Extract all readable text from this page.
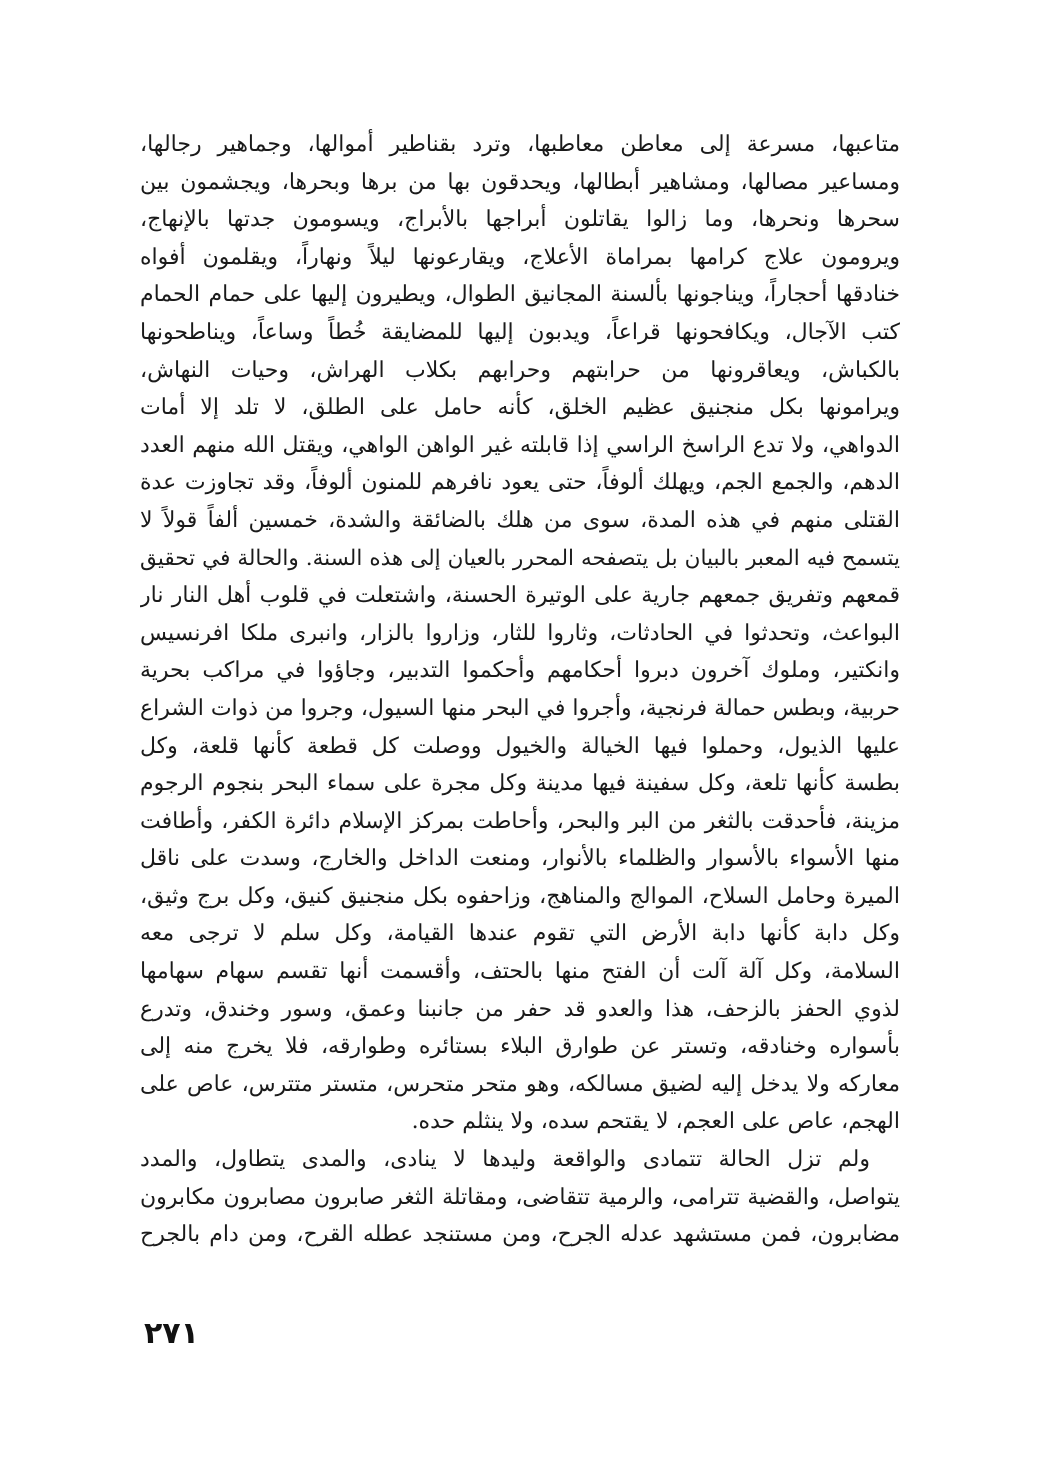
متاعبها، مسرعة إلى معاطن معاطبها، وترد بقناطير أموالها، وجماهير رجالها،
ومساعير مصالها، ومشاهير أبطالها، ويحدقون بها من برها وبحرها، ويجشمون بين
سحرها ونحرها، وما زالوا يقاتلون أبراجها بالأبراج، ويسومون جدتها بالإنهاج،
ويرومون علاج كرامها بمراماة الأعلاج، ويقارعونها ليلاً ونهاراً، ويقلمون أفواه
خنادقها أحجاراً، ويناجونها بألسنة المجانيق الطوال، ويطيرون إليها على حمام الحمام
كتب الآجال، ويكافحونها قراعاً، ويدبون إليها للمضايقة خُطاً وساعاً، ويناطحونها
بالكباش، ويعاقرونها من حرابتهم وحرابهم بكلاب الهراش، وحيات النهاش،
ويرامونها بكل منجنيق عظيم الخلق، كأنه حامل على الطلق، لا تلد إلا أمات
الدواهي، ولا تدع الراسخ الراسي إذا قابلته غير الواهن الواهي، ويقتل الله منهم العدد
الدهم، والجمع الجم، ويهلك ألوفاً، حتى يعود نافرهم للمنون ألوفاً، وقد تجاوزت عدة
القتلى منهم في هذه المدة، سوى من هلك بالضائقة والشدة، خمسين ألفاً قولاً لا
يتسمح فيه المعبر بالبيان بل يتصفحه المحرر بالعيان إلى هذه السنة. والحالة في تحقيق
قمعهم وتفريق جمعهم جارية على الوتيرة الحسنة، واشتعلت في قلوب أهل النار نار
البواعث، وتحدثوا في الحادثات، وثاروا للثار، وزاروا بالزار، وانبرى ملكا افرنسيس
وانكتير، وملوك آخرون دبروا أحكامهم وأحكموا التدبير، وجاؤوا في مراكب بحرية
حربية، وبطس حمالة فرنجية، وأجروا في البحر منها السيول، وجروا من ذوات الشراع
عليها الذيول، وحملوا فيها الخيالة والخيول ووصلت كل قطعة كأنها قلعة، وكل
بطسة كأنها تلعة، وكل سفينة فيها مدينة وكل مجرة على سماء البحر بنجوم الرجوم
مزينة، فأحدقت بالثغر من البر والبحر، وأحاطت بمركز الإسلام دائرة الكفر، وأطافت
منها الأسواء بالأسوار والظلماء بالأنوار، ومنعت الداخل والخارج، وسدت على ناقل
الميرة وحامل السلاح، الموالج والمناهج، وزاحفوه بكل منجنيق كنيق، وكل برج وثيق،
وكل دابة كأنها دابة الأرض التي تقوم عندها القيامة، وكل سلم لا ترجى معه
السلامة، وكل آلة آلت أن الفتح منها بالحتف، وأقسمت أنها تقسم سهام سهامها
لذوي الحفز بالزحف، هذا والعدو قد حفر من جانبنا وعمق، وسور وخندق، وتدرع
بأسواره وخنادقه، وتستر عن طوارق البلاء بستائره وطوارقه، فلا يخرج منه إلى
معاركه ولا يدخل إليه لضيق مسالكه، وهو متحر متحرس، متستر متترس، عاص على
الهجم، عاص على العجم، لا يقتحم سده، ولا ينثلم حده.
ولم تزل الحالة تتمادى والواقعة وليدها لا ينادى، والمدى يتطاول، والمدد
يتواصل، والقضية تترامى، والرمية تتقاضى، ومقاتلة الثغر صابرون مصابرون مكابرون
مضابرون، فمن مستشهد عدله الجرح، ومن مستنجد عطله القرح، ومن دام بالجرح
٢٧١
